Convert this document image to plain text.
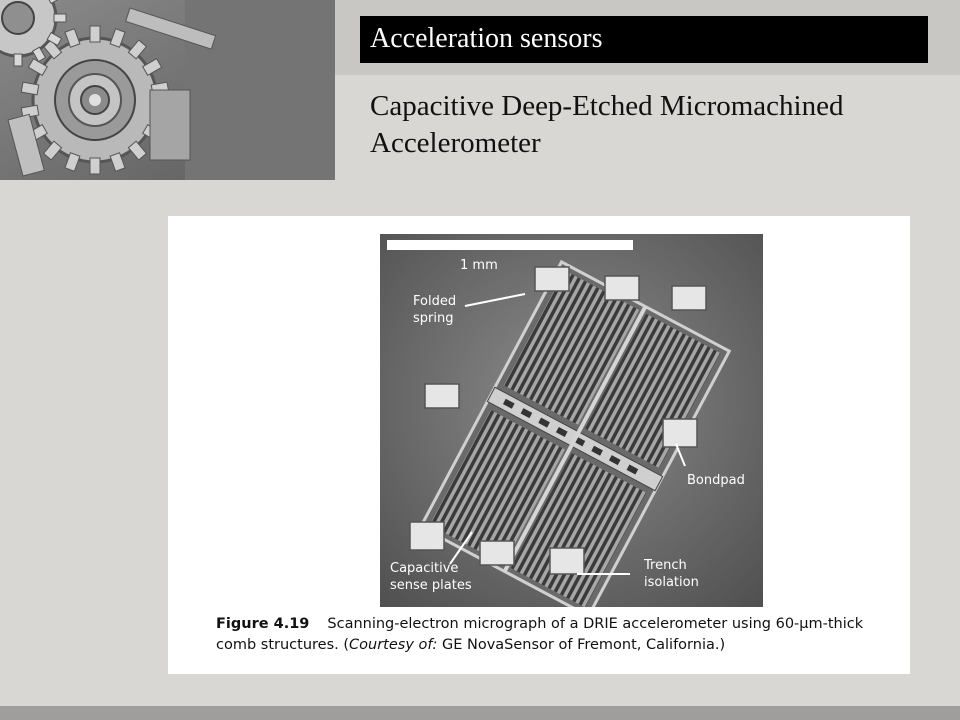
Acceleration sensors
Capacitive Deep-Etched Micromachined Accelerometer
1 mm
Folded
spring
Bondpad
Capacitive
sense plates
Trench
isolation
Figure 4.19 Scanning-electron micrograph of a DRIE accelerometer using 60-μm-thick comb structures. (Courtesy of: GE NovaSensor of Fremont, California.)
